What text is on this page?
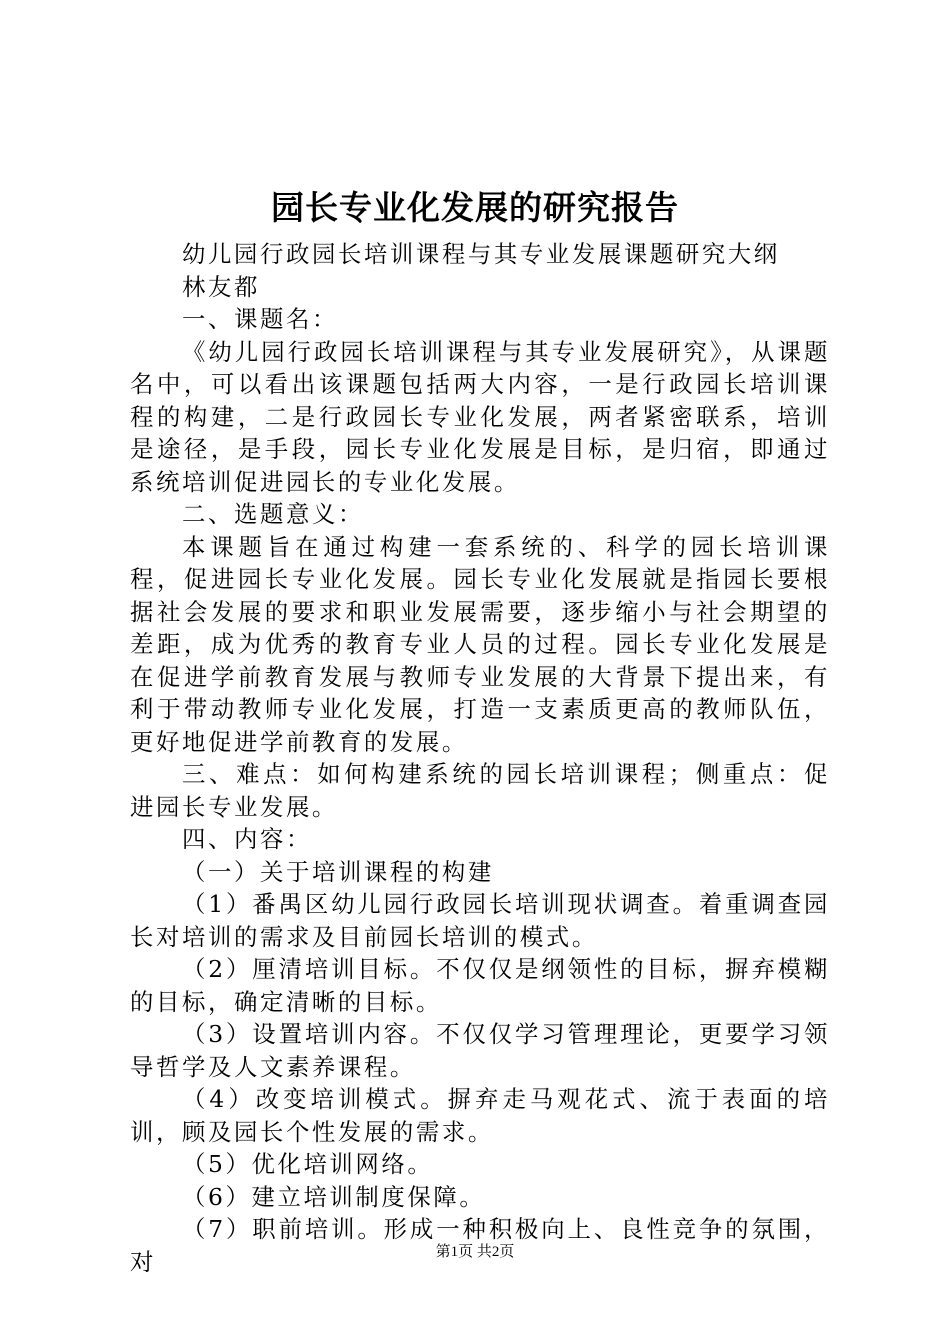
园长专业化发展的研究报告

幼儿园行政园长培训课程与其专业发展课题研究大纲

林友都

一、课题名：

《幼儿园行政园长培训课程与其专业发展研究》，从课题名中，可以看出该课题包括两大内容，一是行政园长培训课程的构建，二是行政园长专业化发展，两者紧密联系，培训是途径，是手段，园长专业化发展是目标，是归宿，即通过系统培训促进园长的专业化发展。

二、选题意义：

本课题旨在通过构建一套系统的、科学的园长培训课程，促进园长专业化发展。园长专业化发展就是指园长要根据社会发展的要求和职业发展需要，逐步缩小与社会期望的差距，成为优秀的教育专业人员的过程。园长专业化发展是在促进学前教育发展与教师专业发展的大背景下提出来，有利于带动教师专业化发展，打造一支素质更高的教师队伍，更好地促进学前教育的发展。

三、难点：如何构建系统的园长培训课程；侧重点：促进园长专业发展。

四、内容：

（一）关于培训课程的构建

（1）番禺区幼儿园行政园长培训现状调查。着重调查园长对培训的需求及目前园长培训的模式。

（2）厘清培训目标。不仅仅是纲领性的目标，摒弃模糊的目标，确定清晰的目标。

（3）设置培训内容。不仅仅学习管理理论，更要学习领导哲学及人文素养课程。

（4）改变培训模式。摒弃走马观花式、流于表面的培训，顾及园长个性发展的需求。

（5）优化培训网络。

（6）建立培训制度保障。

（7）职前培训。形成一种积极向上、良性竞争的氛围，对	第1页 共2页
